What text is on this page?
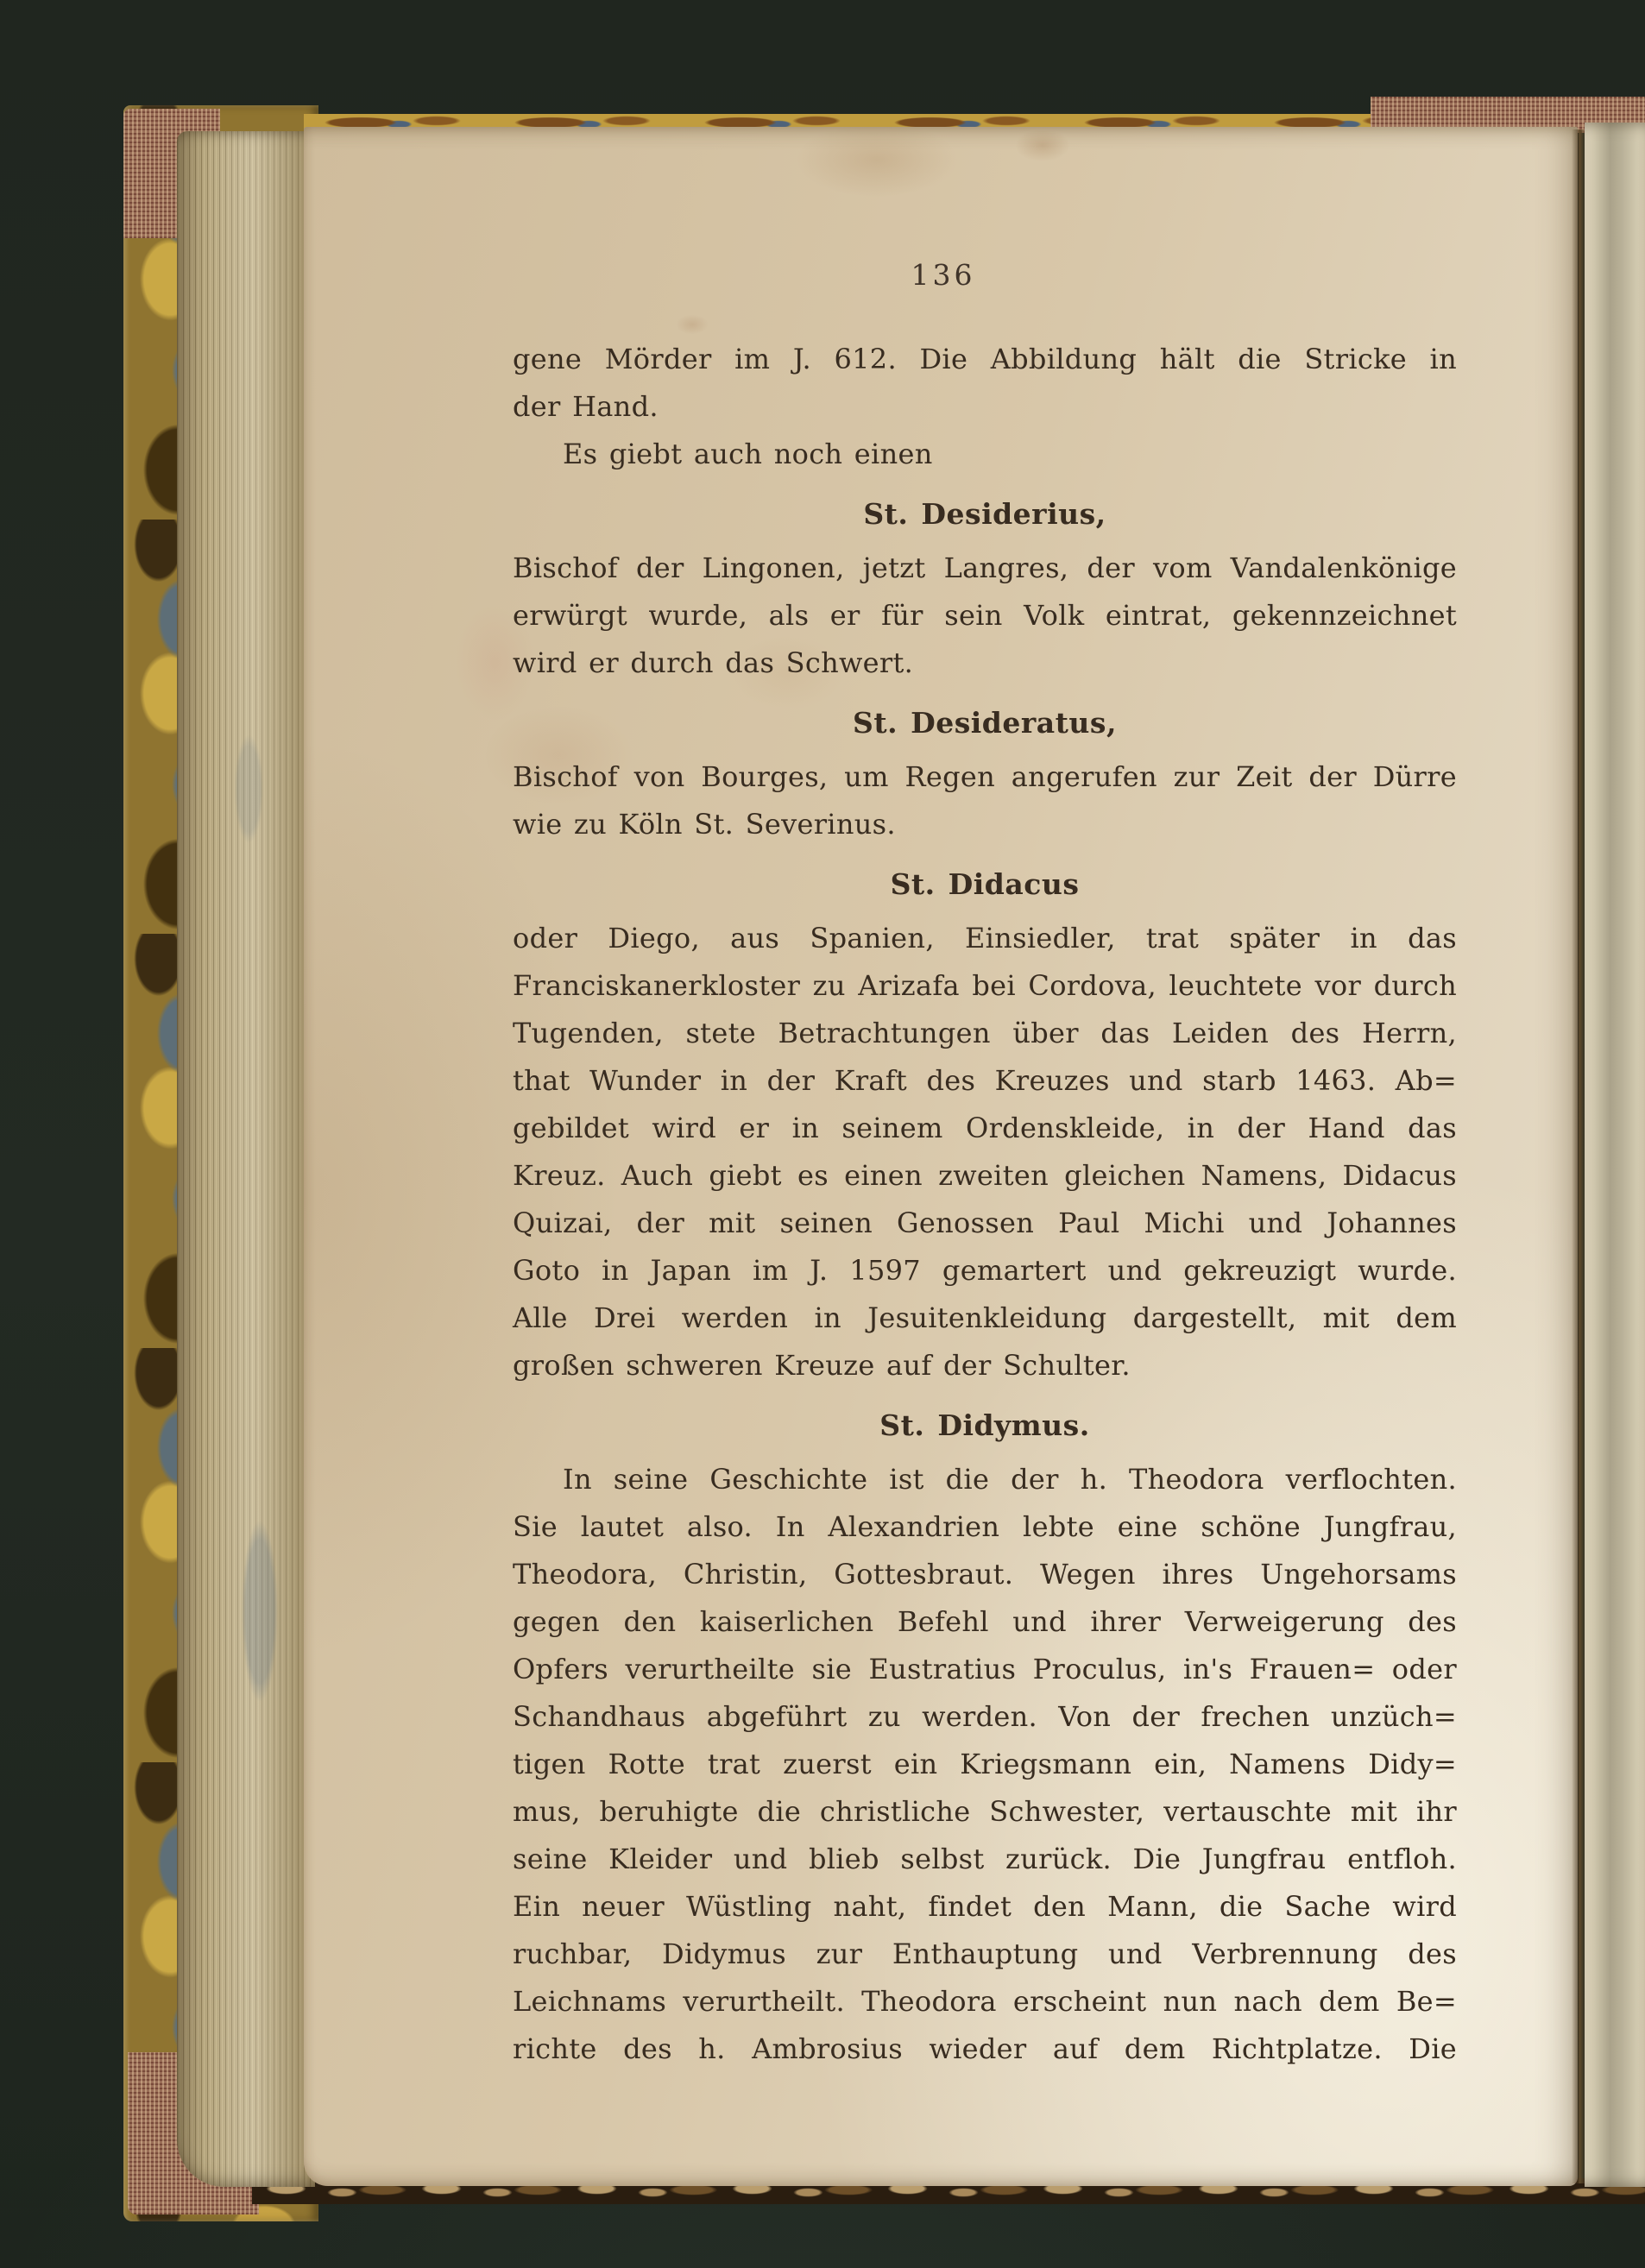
136
gene Mörder im J. 612. Die Abbildung hält die Stricke in
der Hand.
Es giebt auch noch einen
St. Desiderius,
Bischof der Lingonen, jetzt Langres, der vom Vandalenkönige
erwürgt wurde, als er für sein Volk eintrat, gekennzeichnet
wird er durch das Schwert.
St. Desideratus,
Bischof von Bourges, um Regen angerufen zur Zeit der Dürre
wie zu Köln St. Severinus.
St. Didacus
oder Diego, aus Spanien, Einsiedler, trat später in das
Franciskanerkloster zu Arizafa bei Cordova, leuchtete vor durch
Tugenden, stete Betrachtungen über das Leiden des Herrn,
that Wunder in der Kraft des Kreuzes und starb 1463. Ab=
gebildet wird er in seinem Ordenskleide, in der Hand das
Kreuz. Auch giebt es einen zweiten gleichen Namens, Didacus
Quizai, der mit seinen Genossen Paul Michi und Johannes
Goto in Japan im J. 1597 gemartert und gekreuzigt wurde.
Alle Drei werden in Jesuitenkleidung dargestellt, mit dem
großen schweren Kreuze auf der Schulter.
St. Didymus.
In seine Geschichte ist die der h. Theodora verflochten.
Sie lautet also. In Alexandrien lebte eine schöne Jungfrau,
Theodora, Christin, Gottesbraut. Wegen ihres Ungehorsams
gegen den kaiserlichen Befehl und ihrer Verweigerung des
Opfers verurtheilte sie Eustratius Proculus, in's Frauen= oder
Schandhaus abgeführt zu werden. Von der frechen unzüch=
tigen Rotte trat zuerst ein Kriegsmann ein, Namens Didy=
mus, beruhigte die christliche Schwester, vertauschte mit ihr
seine Kleider und blieb selbst zurück. Die Jungfrau entfloh.
Ein neuer Wüstling naht, findet den Mann, die Sache wird
ruchbar, Didymus zur Enthauptung und Verbrennung des
Leichnams verurtheilt. Theodora erscheint nun nach dem Be=
richte des h. Ambrosius wieder auf dem Richtplatze. Die
